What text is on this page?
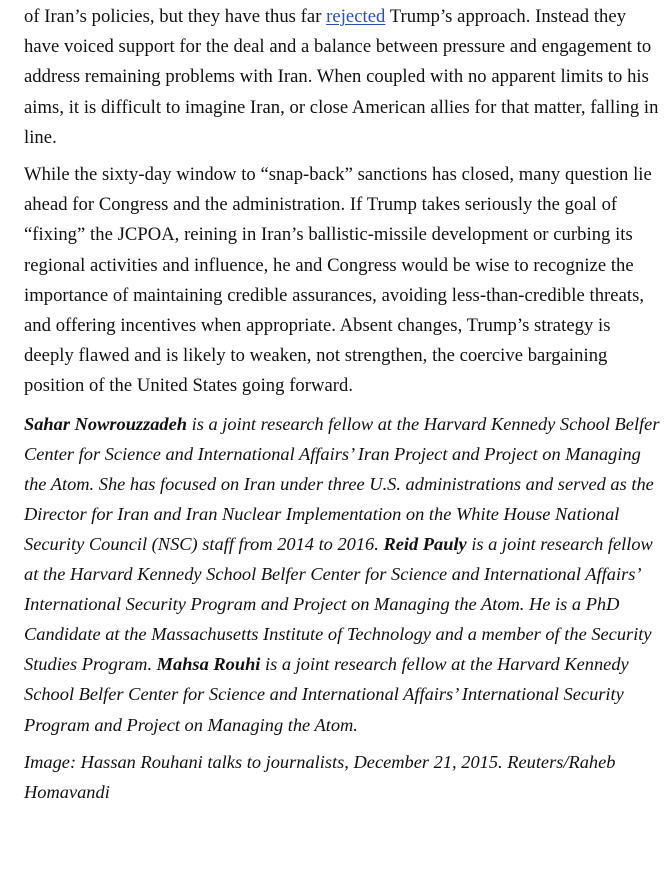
of Iran’s policies, but they have thus far rejected Trump’s approach. Instead they have voiced support for the deal and a balance between pressure and engagement to address remaining problems with Iran. When coupled with no apparent limits to his aims, it is difficult to imagine Iran, or close American allies for that matter, falling in line.

While the sixty-day window to “snap-back” sanctions has closed, many question lie ahead for Congress and the administration. If Trump takes seriously the goal of “fixing” the JCPOA, reining in Iran’s ballistic-missile development or curbing its regional activities and influence, he and Congress would be wise to recognize the importance of maintaining credible assurances, avoiding less-than-credible threats, and offering incentives when appropriate. Absent changes, Trump’s strategy is deeply flawed and is likely to weaken, not strengthen, the coercive bargaining position of the United States going forward.

Sahar Nowrouzzadeh is a joint research fellow at the Harvard Kennedy School Belfer Center for Science and International Affairs’ Iran Project and Project on Managing the Atom. She has focused on Iran under three U.S. administrations and served as the Director for Iran and Iran Nuclear Implementation on the White House National Security Council (NSC) staff from 2014 to 2016. Reid Pauly is a joint research fellow at the Harvard Kennedy School Belfer Center for Science and International Affairs’ International Security Program and Project on Managing the Atom. He is a PhD Candidate at the Massachusetts Institute of Technology and a member of the Security Studies Program. Mahsa Rouhi is a joint research fellow at the Harvard Kennedy School Belfer Center for Science and International Affairs’ International Security Program and Project on Managing the Atom.

Image: Hassan Rouhani talks to journalists, December 21, 2015. Reuters/Raheb Homavandi
